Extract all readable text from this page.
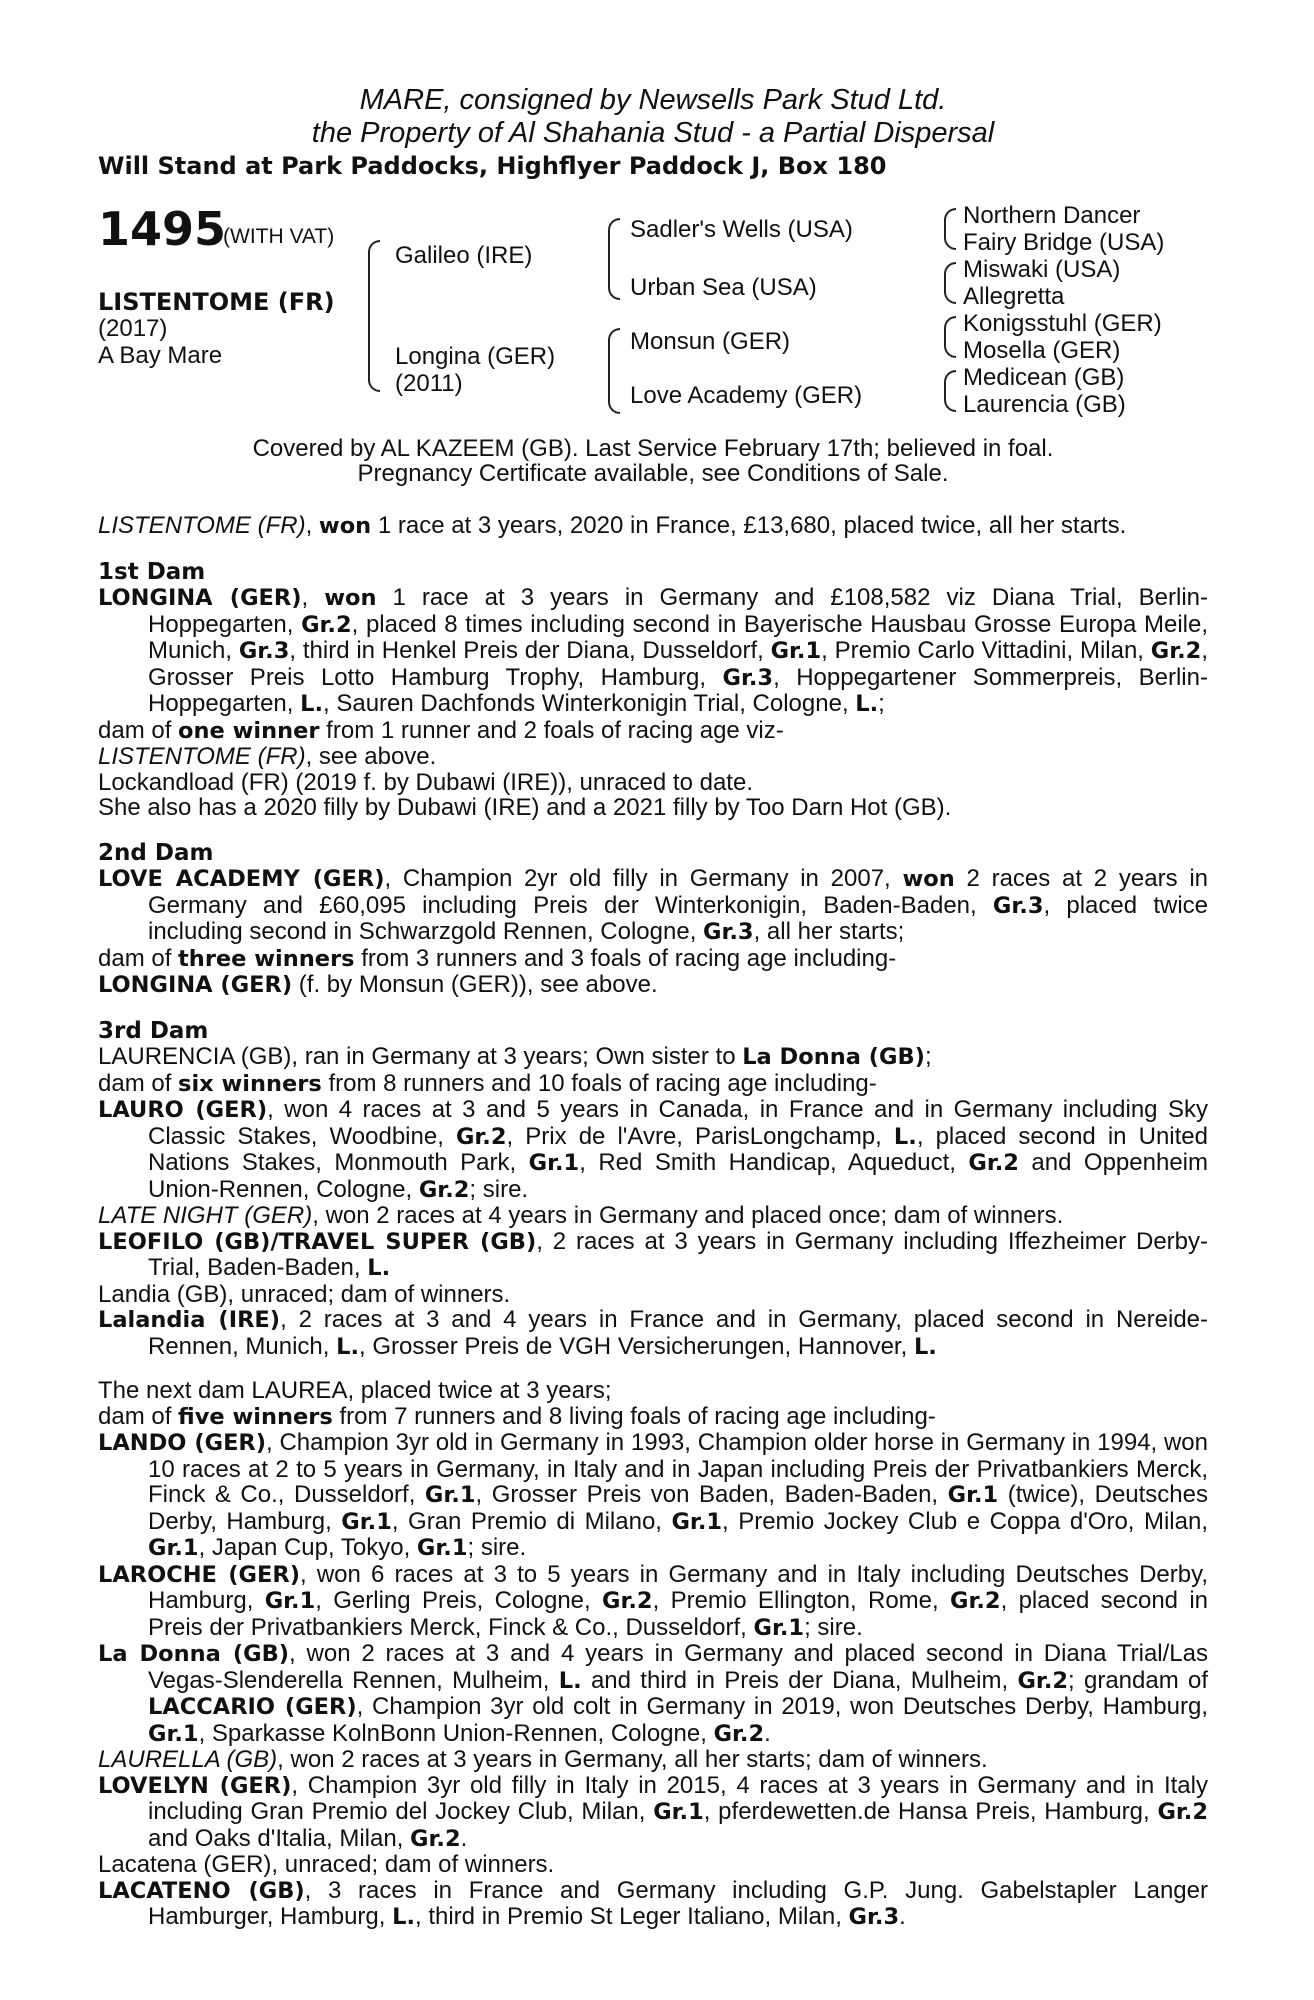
MARE, consigned by Newsells Park Stud Ltd.
the Property of Al Shahania Stud - a Partial Dispersal
Will Stand at Park Paddocks, Highflyer Paddock J, Box 180
1495
(WITH VAT)
LISTENTOME (FR)
(2017)
A Bay Mare
Galileo (IRE)
Longina (GER)
(2011)
Sadler's Wells (USA)
Urban Sea (USA)
Monsun (GER)
Love Academy (GER)
Northern Dancer
Fairy Bridge (USA)
Miswaki (USA)
Allegretta
Konigsstuhl (GER)
Mosella (GER)
Medicean (GB)
Laurencia (GB)
Covered by AL KAZEEM (GB). Last Service February 17th; believed in foal.
Pregnancy Certificate available, see Conditions of Sale.

LISTENTOME (FR), won 1 race at 3 years, 2020 in France, £13,680, placed twice, all her starts.

1st Dam

LONGINA (GER), won 1 race at 3 years in Germany and £108,582 viz Diana Trial, Berlin-Hoppegarten, Gr.2, placed 8 times including second in Bayerische Hausbau Grosse Europa Meile, Munich, Gr.3, third in Henkel Preis der Diana, Dusseldorf, Gr.1, Premio Carlo Vittadini, Milan, Gr.2, Grosser Preis Lotto Hamburg Trophy, Hamburg, Gr.3, Hoppegartener Sommerpreis, Berlin-Hoppegarten, L., Sauren Dachfonds Winterkonigin Trial, Cologne, L.;

dam of one winner from 1 runner and 2 foals of racing age viz-

LISTENTOME (FR), see above.

Lockandload (FR) (2019 f. by Dubawi (IRE)), unraced to date.

She also has a 2020 filly by Dubawi (IRE) and a 2021 filly by Too Darn Hot (GB).

2nd Dam

LOVE ACADEMY (GER), Champion 2yr old filly in Germany in 2007, won 2 races at 2 years in Germany and £60,095 including Preis der Winterkonigin, Baden-Baden, Gr.3, placed twice including second in Schwarzgold Rennen, Cologne, Gr.3, all her starts;

dam of three winners from 3 runners and 3 foals of racing age including-

LONGINA (GER) (f. by Monsun (GER)), see above.

3rd Dam

LAURENCIA (GB), ran in Germany at 3 years; Own sister to La Donna (GB);

dam of six winners from 8 runners and 10 foals of racing age including-

LAURO (GER), won 4 races at 3 and 5 years in Canada, in France and in Germany including Sky Classic Stakes, Woodbine, Gr.2, Prix de l'Avre, ParisLongchamp, L., placed second in United Nations Stakes, Monmouth Park, Gr.1, Red Smith Handicap, Aqueduct, Gr.2 and Oppenheim Union-Rennen, Cologne, Gr.2; sire.

LATE NIGHT (GER), won 2 races at 4 years in Germany and placed once; dam of winners.

LEOFILO (GB)/TRAVEL SUPER (GB), 2 races at 3 years in Germany including Iffezheimer Derby-Trial, Baden-Baden, L.

Landia (GB), unraced; dam of winners.

Lalandia (IRE), 2 races at 3 and 4 years in France and in Germany, placed second in Nereide-Rennen, Munich, L., Grosser Preis de VGH Versicherungen, Hannover, L.

The next dam LAUREA, placed twice at 3 years;

dam of five winners from 7 runners and 8 living foals of racing age including-

LANDO (GER), Champion 3yr old in Germany in 1993, Champion older horse in Germany in 1994, won 10 races at 2 to 5 years in Germany, in Italy and in Japan including Preis der Privatbankiers Merck, Finck & Co., Dusseldorf, Gr.1, Grosser Preis von Baden, Baden-Baden, Gr.1 (twice), Deutsches Derby, Hamburg, Gr.1, Gran Premio di Milano, Gr.1, Premio Jockey Club e Coppa d'Oro, Milan, Gr.1, Japan Cup, Tokyo, Gr.1; sire.

LAROCHE (GER), won 6 races at 3 to 5 years in Germany and in Italy including Deutsches Derby, Hamburg, Gr.1, Gerling Preis, Cologne, Gr.2, Premio Ellington, Rome, Gr.2, placed second in Preis der Privatbankiers Merck, Finck & Co., Dusseldorf, Gr.1; sire.

La Donna (GB), won 2 races at 3 and 4 years in Germany and placed second in Diana Trial/Las Vegas-Slenderella Rennen, Mulheim, L. and third in Preis der Diana, Mulheim, Gr.2; grandam of LACCARIO (GER), Champion 3yr old colt in Germany in 2019, won Deutsches Derby, Hamburg, Gr.1, Sparkasse KolnBonn Union-Rennen, Cologne, Gr.2.

LAURELLA (GB), won 2 races at 3 years in Germany, all her starts; dam of winners.

LOVELYN (GER), Champion 3yr old filly in Italy in 2015, 4 races at 3 years in Germany and in Italy including Gran Premio del Jockey Club, Milan, Gr.1, pferdewetten.de Hansa Preis, Hamburg, Gr.2 and Oaks d'Italia, Milan, Gr.2.

Lacatena (GER), unraced; dam of winners.

LACATENO (GB), 3 races in France and Germany including G.P. Jung. Gabelstapler Langer Hamburger, Hamburg, L., third in Premio St Leger Italiano, Milan, Gr.3.
